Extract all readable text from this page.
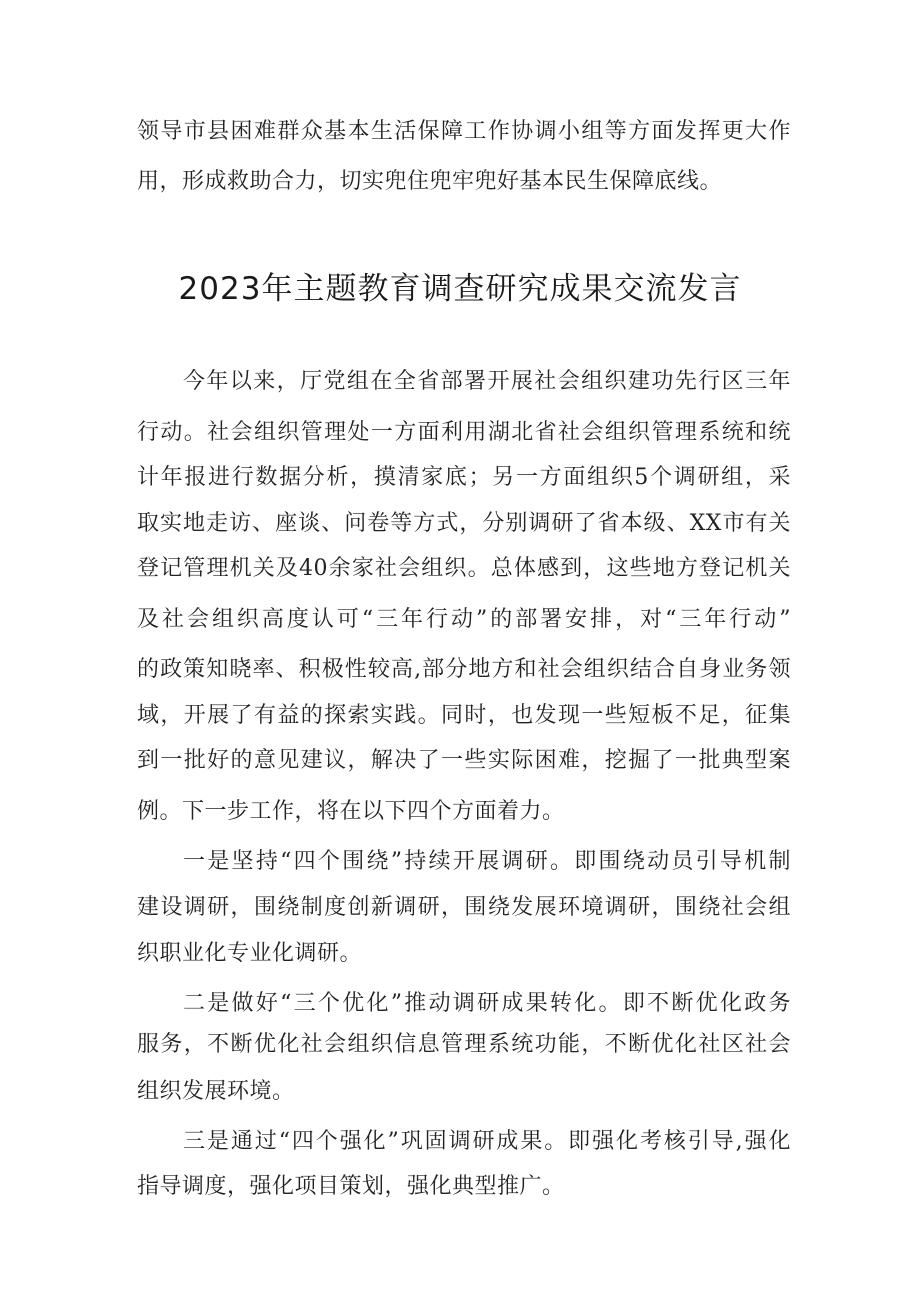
领导市县困难群众基本生活保障工作协调小组等方面发挥更大作
用，形成救助合力，切实兜住兜牢兜好基本民生保障底线。
2023年主题教育调查研究成果交流发言
今年以来，厅党组在全省部署开展社会组织建功先行区三年
行动。社会组织管理处一方面利用湖北省社会组织管理系统和统
计年报进行数据分析，摸清家底；另一方面组织5个调研组，采
取实地走访、座谈、问卷等方式，分别调研了省本级、XX市有关
登记管理机关及40余家社会组织。总体感到，这些地方登记机关
及社会组织高度认可“三年行动”的部署安排，对“三年行动”
的政策知晓率、积极性较高,部分地方和社会组织结合自身业务领
域，开展了有益的探索实践。同时，也发现一些短板不足，征集
到一批好的意见建议，解决了一些实际困难，挖掘了一批典型案
例。下一步工作，将在以下四个方面着力。
一是坚持“四个围绕”持续开展调研。即围绕动员引导机制
建设调研，围绕制度创新调研，围绕发展环境调研，围绕社会组
织职业化专业化调研。
二是做好“三个优化”推动调研成果转化。即不断优化政务
服务，不断优化社会组织信息管理系统功能，不断优化社区社会
组织发展环境。
三是通过“四个强化”巩固调研成果。即强化考核引导,强化
指导调度，强化项目策划，强化典型推广。
